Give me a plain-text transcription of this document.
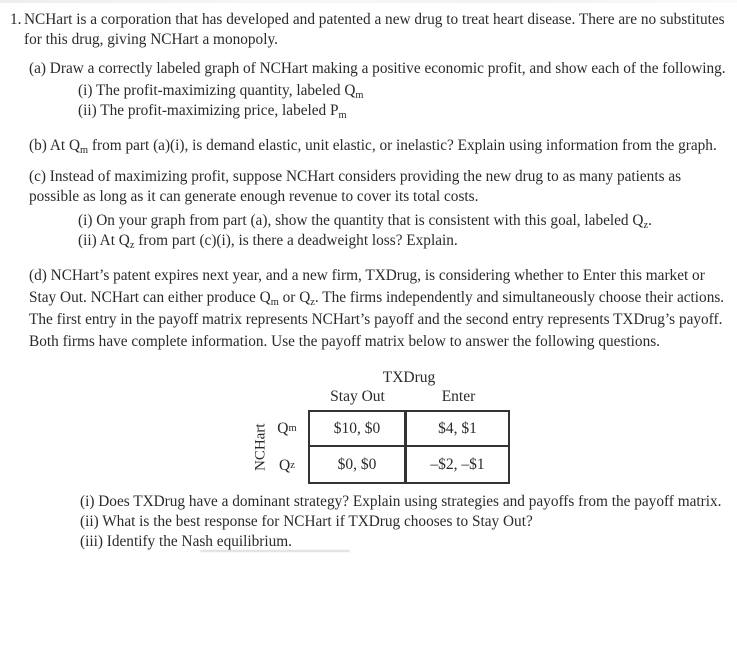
1. NCHart is a corporation that has developed and patented a new drug to treat heart disease. There are no substitutes for this drug, giving NCHart a monopoly.

(a) Draw a correctly labeled graph of NCHart making a positive economic profit, and show each of the following.

(i) The profit-maximizing quantity, labeled Qm

(ii) The profit-maximizing price, labeled Pm

(b) At Qm from part (a)(i), is demand elastic, unit elastic, or inelastic? Explain using information from the graph.

(c) Instead of maximizing profit, suppose NCHart considers providing the new drug to as many patients as possible as long as it can generate enough revenue to cover its total costs.

(i) On your graph from part (a), show the quantity that is consistent with this goal, labeled Qz.

(ii) At Qz from part (c)(i), is there a deadweight loss? Explain.

(d) NCHart’s patent expires next year, and a new firm, TXDrug, is considering whether to Enter this market or Stay Out. NCHart can either produce Qm or Qz. The firms independently and simultaneously choose their actions. The first entry in the payoff matrix represents NCHart’s payoff and the second entry represents TXDrug’s payoff. Both firms have complete information. Use the payoff matrix below to answer the following questions.

TXDrug
Stay Out	Enter
NCHart Q m	$10, $0	$4, $1
Q z	$0, $0	–$2, –$1

(i) Does TXDrug have a dominant strategy? Explain using strategies and payoffs from the payoff matrix.

(ii) What is the best response for NCHart if TXDrug chooses to Stay Out?

(iii) Identify the Nash equilibrium.
